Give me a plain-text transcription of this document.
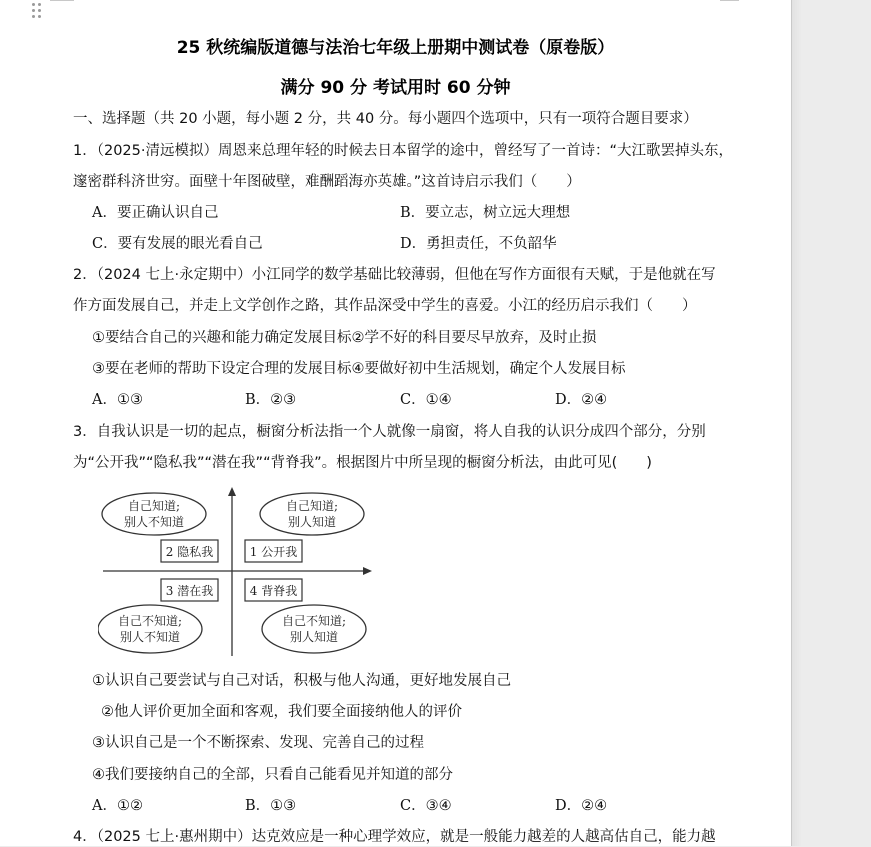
25 秋统编版道德与法治七年级上册期中测试卷（原卷版）
满分 90 分 考试用时 60 分钟
一、选择题（共 20 小题，每小题 2 分，共 40 分。每小题四个选项中，只有一项符合题目要求）
1．（2025·清远模拟）周恩来总理年轻的时候去日本留学的途中，曾经写了一首诗：“大江歌罢掉头东，
邃密群科济世穷。面壁十年图破壁，难酬蹈海亦英雄。”这首诗启示我们（　　）
A．要正确认识自己	B．要立志，树立远大理想
C．要有发展的眼光看自己	D．勇担责任，不负韶华
2．（2024 七上·永定期中）小江同学的数学基础比较薄弱，但他在写作方面很有天赋，于是他就在写
作方面发展自己，并走上文学创作之路，其作品深受中学生的喜爱。小江的经历启示我们（　　）
①要结合自己的兴趣和能力确定发展目标②学不好的科目要尽早放弃，及时止损
③要在老师的帮助下设定合理的发展目标④要做好初中生活规划，确定个人发展目标
A．①③	B．②③	C．①④	D．②④
3．自我认识是一切的起点，橱窗分析法指一个人就像一扇窗，将人自我的认识分成四个部分，分别
为“公开我”“隐私我”“潜在我”“背脊我”。根据图片中所呈现的橱窗分析法，由此可见(　　)
自己知道;
别人不知道
自己知道;
别人知道
2 隐私我	1 公开我
3 潜在我	4 背脊我
自己不知道;
别人不知道
自己不知道;
别人知道
①认识自己要尝试与自己对话，积极与他人沟通，更好地发展自己
②他人评价更加全面和客观，我们要全面接纳他人的评价
③认识自己是一个不断探索、发现、完善自己的过程
④我们要接纳自己的全部，只看自己能看见并知道的部分
A．①②	B．①③	C．③④	D．②④
4．（2025 七上·惠州期中）达克效应是一种心理学效应，就是一般能力越差的人越高估自己，能力越
